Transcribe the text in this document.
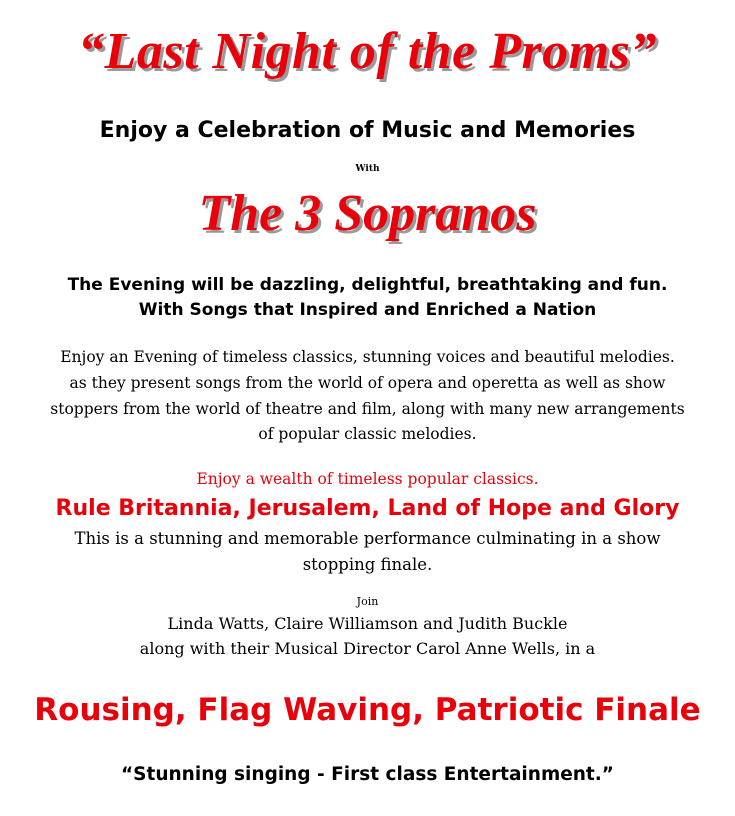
“Last Night of the Proms”
Enjoy a Celebration of Music and Memories
With
The 3 Sopranos
The Evening will be dazzling, delightful, breathtaking and fun.
With Songs that Inspired and Enriched a Nation
Enjoy an Evening of timeless classics, stunning voices and beautiful melodies.
as they present songs from the world of opera and operetta as well as show
stoppers from the world of theatre and film, along with many new arrangements
of popular classic melodies.
Enjoy a wealth of timeless popular classics.
Rule Britannia, Jerusalem, Land of Hope and Glory
This is a stunning and memorable performance culminating in a show
stopping finale.
Join
Linda Watts, Claire Williamson and Judith Buckle
along with their Musical Director Carol Anne Wells, in a
Rousing, Flag Waving, Patriotic Finale
“Stunning singing - First class Entertainment.”
